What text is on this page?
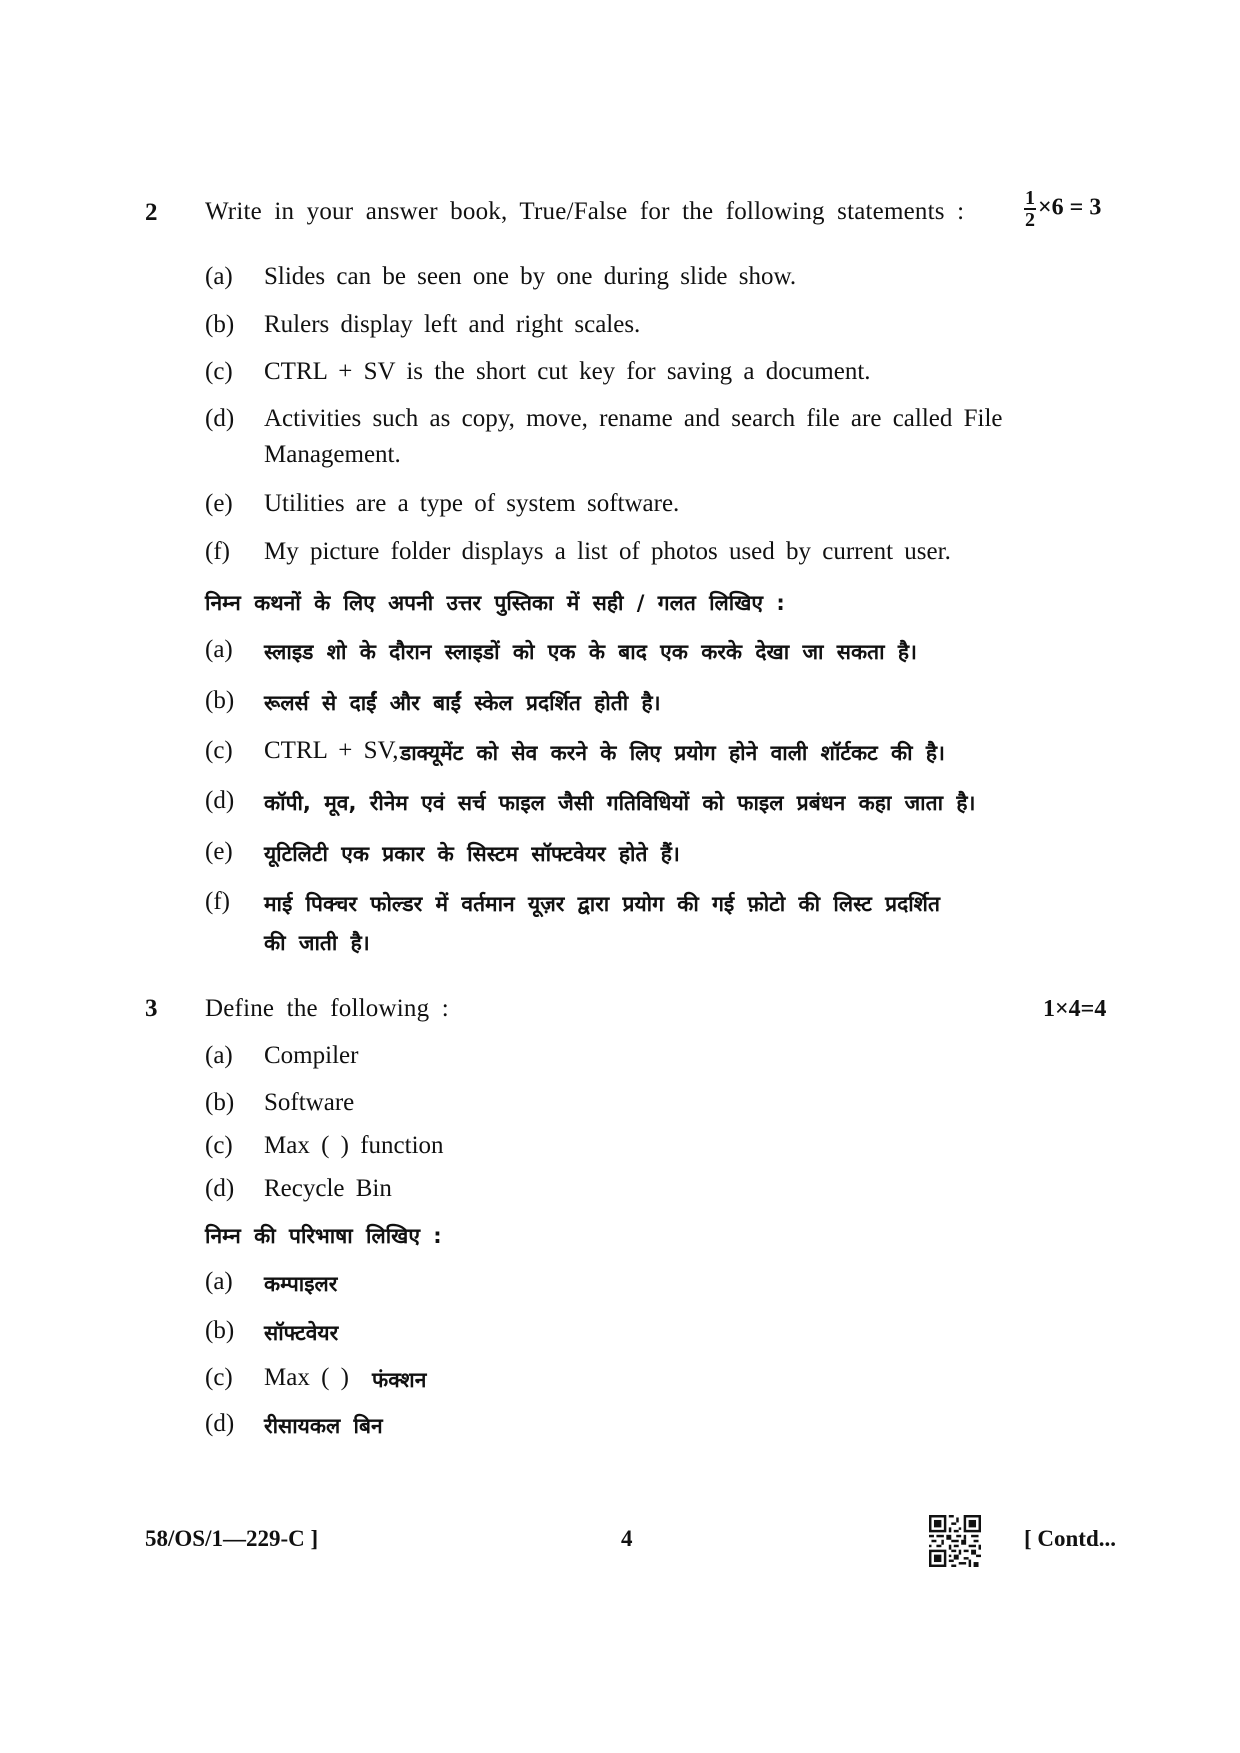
2 Write in your answer book, True/False for the following statements :	$\frac{1}{2} \times 6 = 3$
(a) Slides can be seen one by one during slide show.
(b) Rulers display left and right scales.
(c) CTRL + SV is the short cut key for saving a document.
(d) Activities such as copy, move, rename and search file are called File
Management.
(e) Utilities are a type of system software.
(f) My picture folder displays a list of photos used by current user.
निम्न कथनों के लिए अपनी उत्तर पुस्तिका में सही / गलत लिखिए :
(a) स्लाइड शो के दौरान स्लाइडों को एक के बाद एक करके देखा जा सकता है।
(b) रूलर्स से दाईं और बाईं स्केल प्रदर्शित होती है।
(c) CTRL + SV, डाक्यूमेंट को सेव करने के लिए प्रयोग होने वाली शॉर्टकट की है।
(d) कॉपी, मूव, रीनेम एवं सर्च फाइल जैसी गतिविधियों को फाइल प्रबंधन कहा जाता है।
(e) यूटिलिटी एक प्रकार के सिस्टम सॉफ्टवेयर होते हैं।
(f) माई पिक्चर फोल्डर में वर्तमान यूज़र द्वारा प्रयोग की गई फ़ोटो की लिस्ट प्रदर्शित
की जाती है।
3 Define the following :	1×4=4
(a) Compiler
(b) Software
(c) Max ( ) function
(d) Recycle Bin
निम्न की परिभाषा लिखिए :
(a) कम्पाइलर
(b) सॉफ्टवेयर
(c) Max ( ) फंक्शन
(d) रीसायकल बिन
58/OS/1—229-C ]	4	[ Contd...
